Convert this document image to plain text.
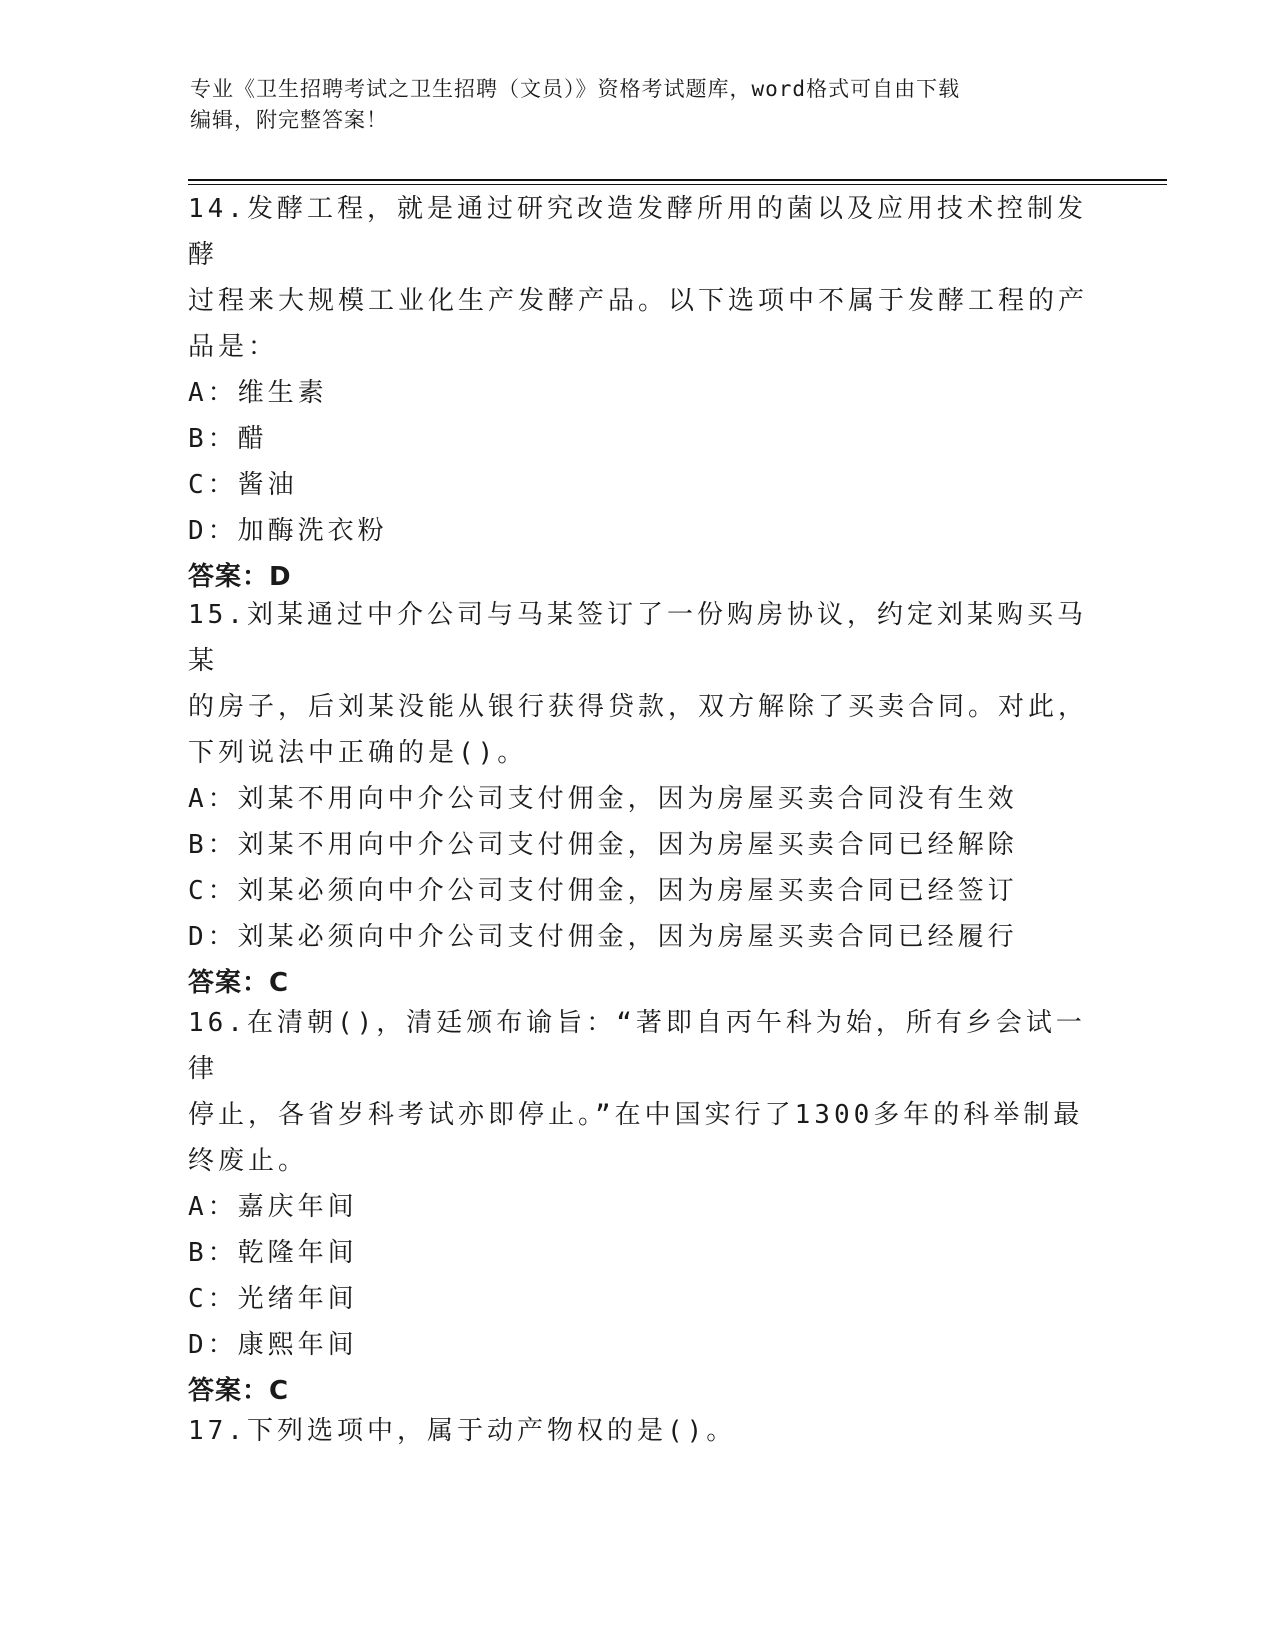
专业《卫生招聘考试之卫生招聘（文员）》资格考试题库，word格式可自由下载
编辑，附完整答案！
14.发酵工程，就是通过研究改造发酵所用的菌以及应用技术控制发酵
过程来大规模工业化生产发酵产品。以下选项中不属于发酵工程的产
品是：
A：维生素
B：醋
C：酱油
D：加酶洗衣粉
答案：D
15.刘某通过中介公司与马某签订了一份购房协议，约定刘某购买马某
的房子，后刘某没能从银行获得贷款，双方解除了买卖合同。对此，
下列说法中正确的是()。
A：刘某不用向中介公司支付佣金，因为房屋买卖合同没有生效
B：刘某不用向中介公司支付佣金，因为房屋买卖合同已经解除
C：刘某必须向中介公司支付佣金，因为房屋买卖合同已经签订
D：刘某必须向中介公司支付佣金，因为房屋买卖合同已经履行
答案：C
16.在清朝()，清廷颁布谕旨：“著即自丙午科为始，所有乡会试一律
停止，各省岁科考试亦即停止。”在中国实行了1300多年的科举制最
终废止。
A：嘉庆年间
B：乾隆年间
C：光绪年间
D：康熙年间
答案：C
17.下列选项中，属于动产物权的是()。
